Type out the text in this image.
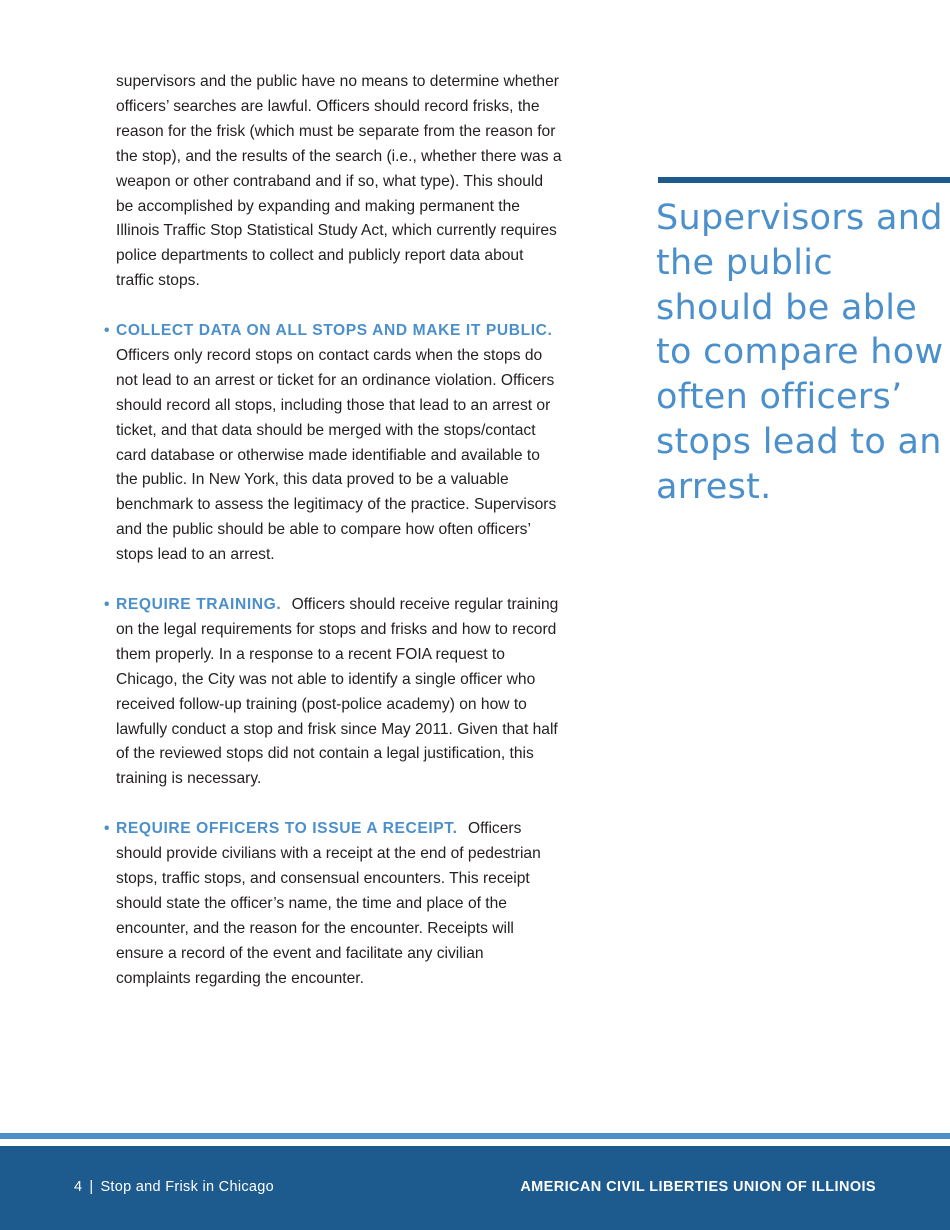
supervisors and the public have no means to determine whether officers’ searches are lawful. Officers should record frisks, the reason for the frisk (which must be separate from the reason for the stop), and the results of the search (i.e., whether there was a weapon or other contraband and if so, what type). This should be accomplished by expanding and making permanent the Illinois Traffic Stop Statistical Study Act, which currently requires police departments to collect and publicly report data about traffic stops.

• COLLECT DATA ON ALL STOPS AND MAKE IT PUBLIC. Officers only record stops on contact cards when the stops do not lead to an arrest or ticket for an ordinance violation. Officers should record all stops, including those that lead to an arrest or ticket, and that data should be merged with the stops/contact card database or otherwise made identifiable and available to the public. In New York, this data proved to be a valuable benchmark to assess the legitimacy of the practice. Supervisors and the public should be able to compare how often officers’ stops lead to an arrest.
• REQUIRE TRAINING. Officers should receive regular training on the legal requirements for stops and frisks and how to record them properly. In a response to a recent FOIA request to Chicago, the City was not able to identify a single officer who received follow-up training (post-police academy) on how to lawfully conduct a stop and frisk since May 2011. Given that half of the reviewed stops did not contain a legal justification, this training is necessary.
• REQUIRE OFFICERS TO ISSUE A RECEIPT. Officers should provide civilians with a receipt at the end of pedestrian stops, traffic stops, and consensual encounters. This receipt should state the officer’s name, the time and place of the encounter, and the reason for the encounter. Receipts will ensure a record of the event and facilitate any civilian complaints regarding the encounter.
Supervisors and the public should be able to compare how often officers’ stops lead to an arrest.
4 | Stop and Frisk in Chicago	AMERICAN CIVIL LIBERTIES UNION OF ILLINOIS
